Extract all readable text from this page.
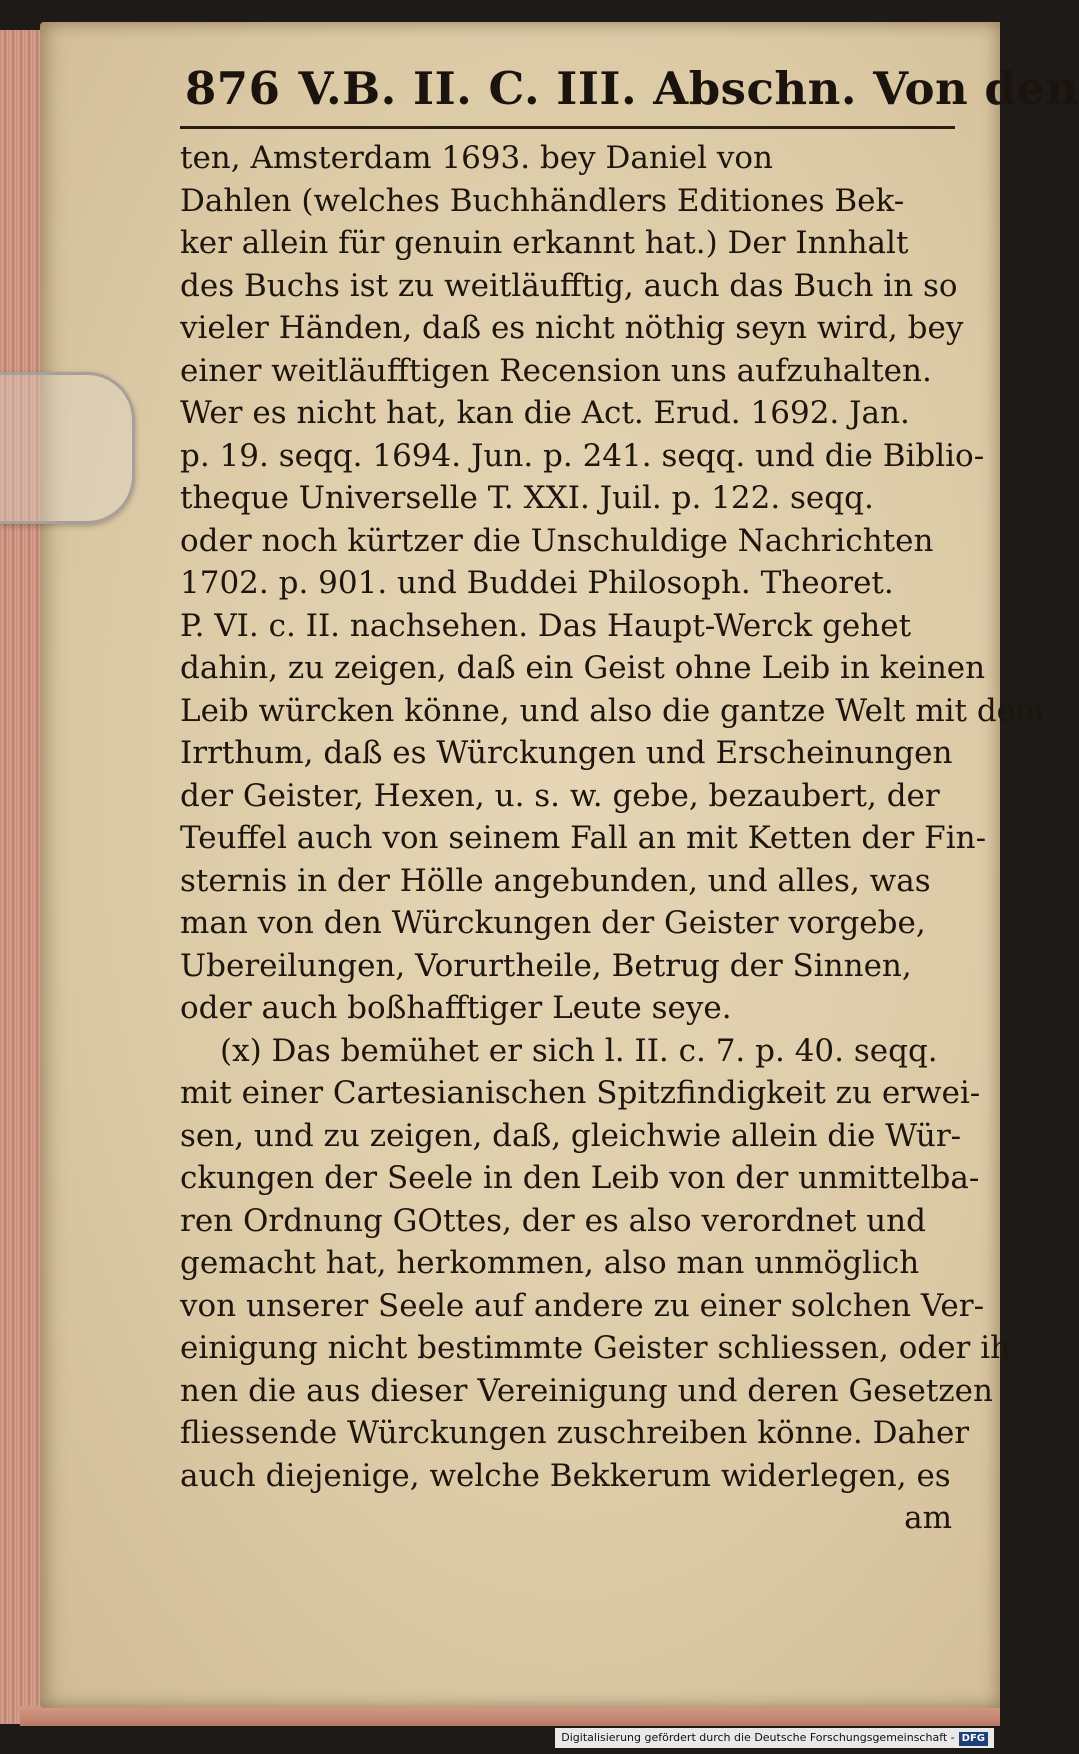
876 V.B. II. C. III. Abschn. Von den
ten, Amsterdam 1693. bey Daniel von
Dahlen (welches Buchhändlers Editiones Bek-
ker allein für genuin erkannt hat.) Der Innhalt
des Buchs ist zu weitläufftig, auch das Buch in so
vieler Händen, daß es nicht nöthig seyn wird, bey
einer weitläufftigen Recension uns aufzuhalten.
Wer es nicht hat, kan die Act. Erud. 1692. Jan.
p. 19. seqq. 1694. Jun. p. 241. seqq. und die Biblio-
theque Universelle T. XXI. Juil. p. 122. seqq.
oder noch kürtzer die Unschuldige Nachrichten
1702. p. 901. und Buddei Philosoph. Theoret.
P. VI. c. II. nachsehen. Das Haupt-Werck gehet
dahin, zu zeigen, daß ein Geist ohne Leib in keinen
Leib würcken könne, und also die gantze Welt mit dem
Irrthum, daß es Würckungen und Erscheinungen
der Geister, Hexen, u. s. w. gebe, bezaubert, der
Teuffel auch von seinem Fall an mit Ketten der Fin-
sternis in der Hölle angebunden, und alles, was
man von den Würckungen der Geister vorgebe,
Ubereilungen, Vorurtheile, Betrug der Sinnen,
oder auch boßhafftiger Leute seye.
(x) Das bemühet er sich l. II. c. 7. p. 40. seqq.
mit einer Cartesianischen Spitzfindigkeit zu erwei-
sen, und zu zeigen, daß, gleichwie allein die Wür-
ckungen der Seele in den Leib von der unmittelba-
ren Ordnung GOttes, der es also verordnet und
gemacht hat, herkommen, also man unmöglich
von unserer Seele auf andere zu einer solchen Ver-
einigung nicht bestimmte Geister schliessen, oder ih-
nen die aus dieser Vereinigung und deren Gesetzen
fliessende Würckungen zuschreiben könne. Daher
auch diejenige, welche Bekkerum widerlegen, es
am
Digitalisierung gefördert durch die Deutsche Forschungsgemeinschaft - DFG
